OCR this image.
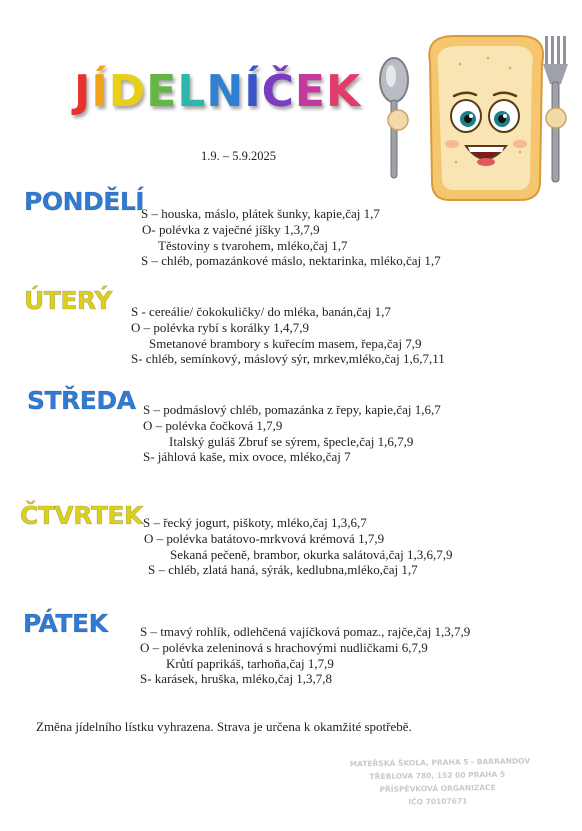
JÍDELNÍČEK
1.9. – 5.9.2025
PONDĚLÍ
S – houska, máslo, plátek šunky, kapie,čaj 1,7
O- polévka z vaječné jíšky 1,3,7,9
Těstoviny s tvarohem, mléko,čaj 1,7
S – chléb, pomazánkové máslo, nektarinka, mléko,čaj 1,7
ÚTERÝ S - cereálie/ čokokuličky/ do mléka, banán,čaj 1,7
O – polévka rybí s korálky 1,4,7,9
Smetanové brambory s kuřecím masem, řepa,čaj 7,9
S- chléb, semínkový, máslový sýr, mrkev,mléko,čaj 1,6,7,11
STŘEDA S – podmáslový chléb, pomazánka z řepy, kapie,čaj 1,6,7
O – polévka čočková 1,7,9
Italský guláš Zbruf se sýrem, špecle,čaj 1,6,7,9
S- jáhlová kaše, mix ovoce, mléko,čaj 7
ČTVRTEK S – řecký jogurt, piškoty, mléko,čaj 1,3,6,7
O – polévka batátovo-mrkvová krémová 1,7,9
Sekaná pečeně, brambor, okurka salátová,čaj 1,3,6,7,9
S – chléb, zlatá haná, sýrák, kedlubna,mléko,čaj 1,7
PÁTEK	S – tmavý rohlík, odlehčená vajíčková pomaz., rajče,čaj 1,3,7,9
O – polévka zeleninová s hrachovými nudličkami 6,7,9
Krůtí paprikáš, tarhoňa,čaj 1,7,9
S- karásek, hruška, mléko,čaj 1,3,7,8
Změna jídelního lístku vyhrazena. Strava je určena k okamžité spotřebě.
MATEŘSKÁ ŠKOLA, PRAHA 5 - BARRANDOV
TŘEBLOVA 780, 152 00 PRAHA 5
PŘÍSPĚVKOVÁ ORGANIZACE
IČO 70107671
